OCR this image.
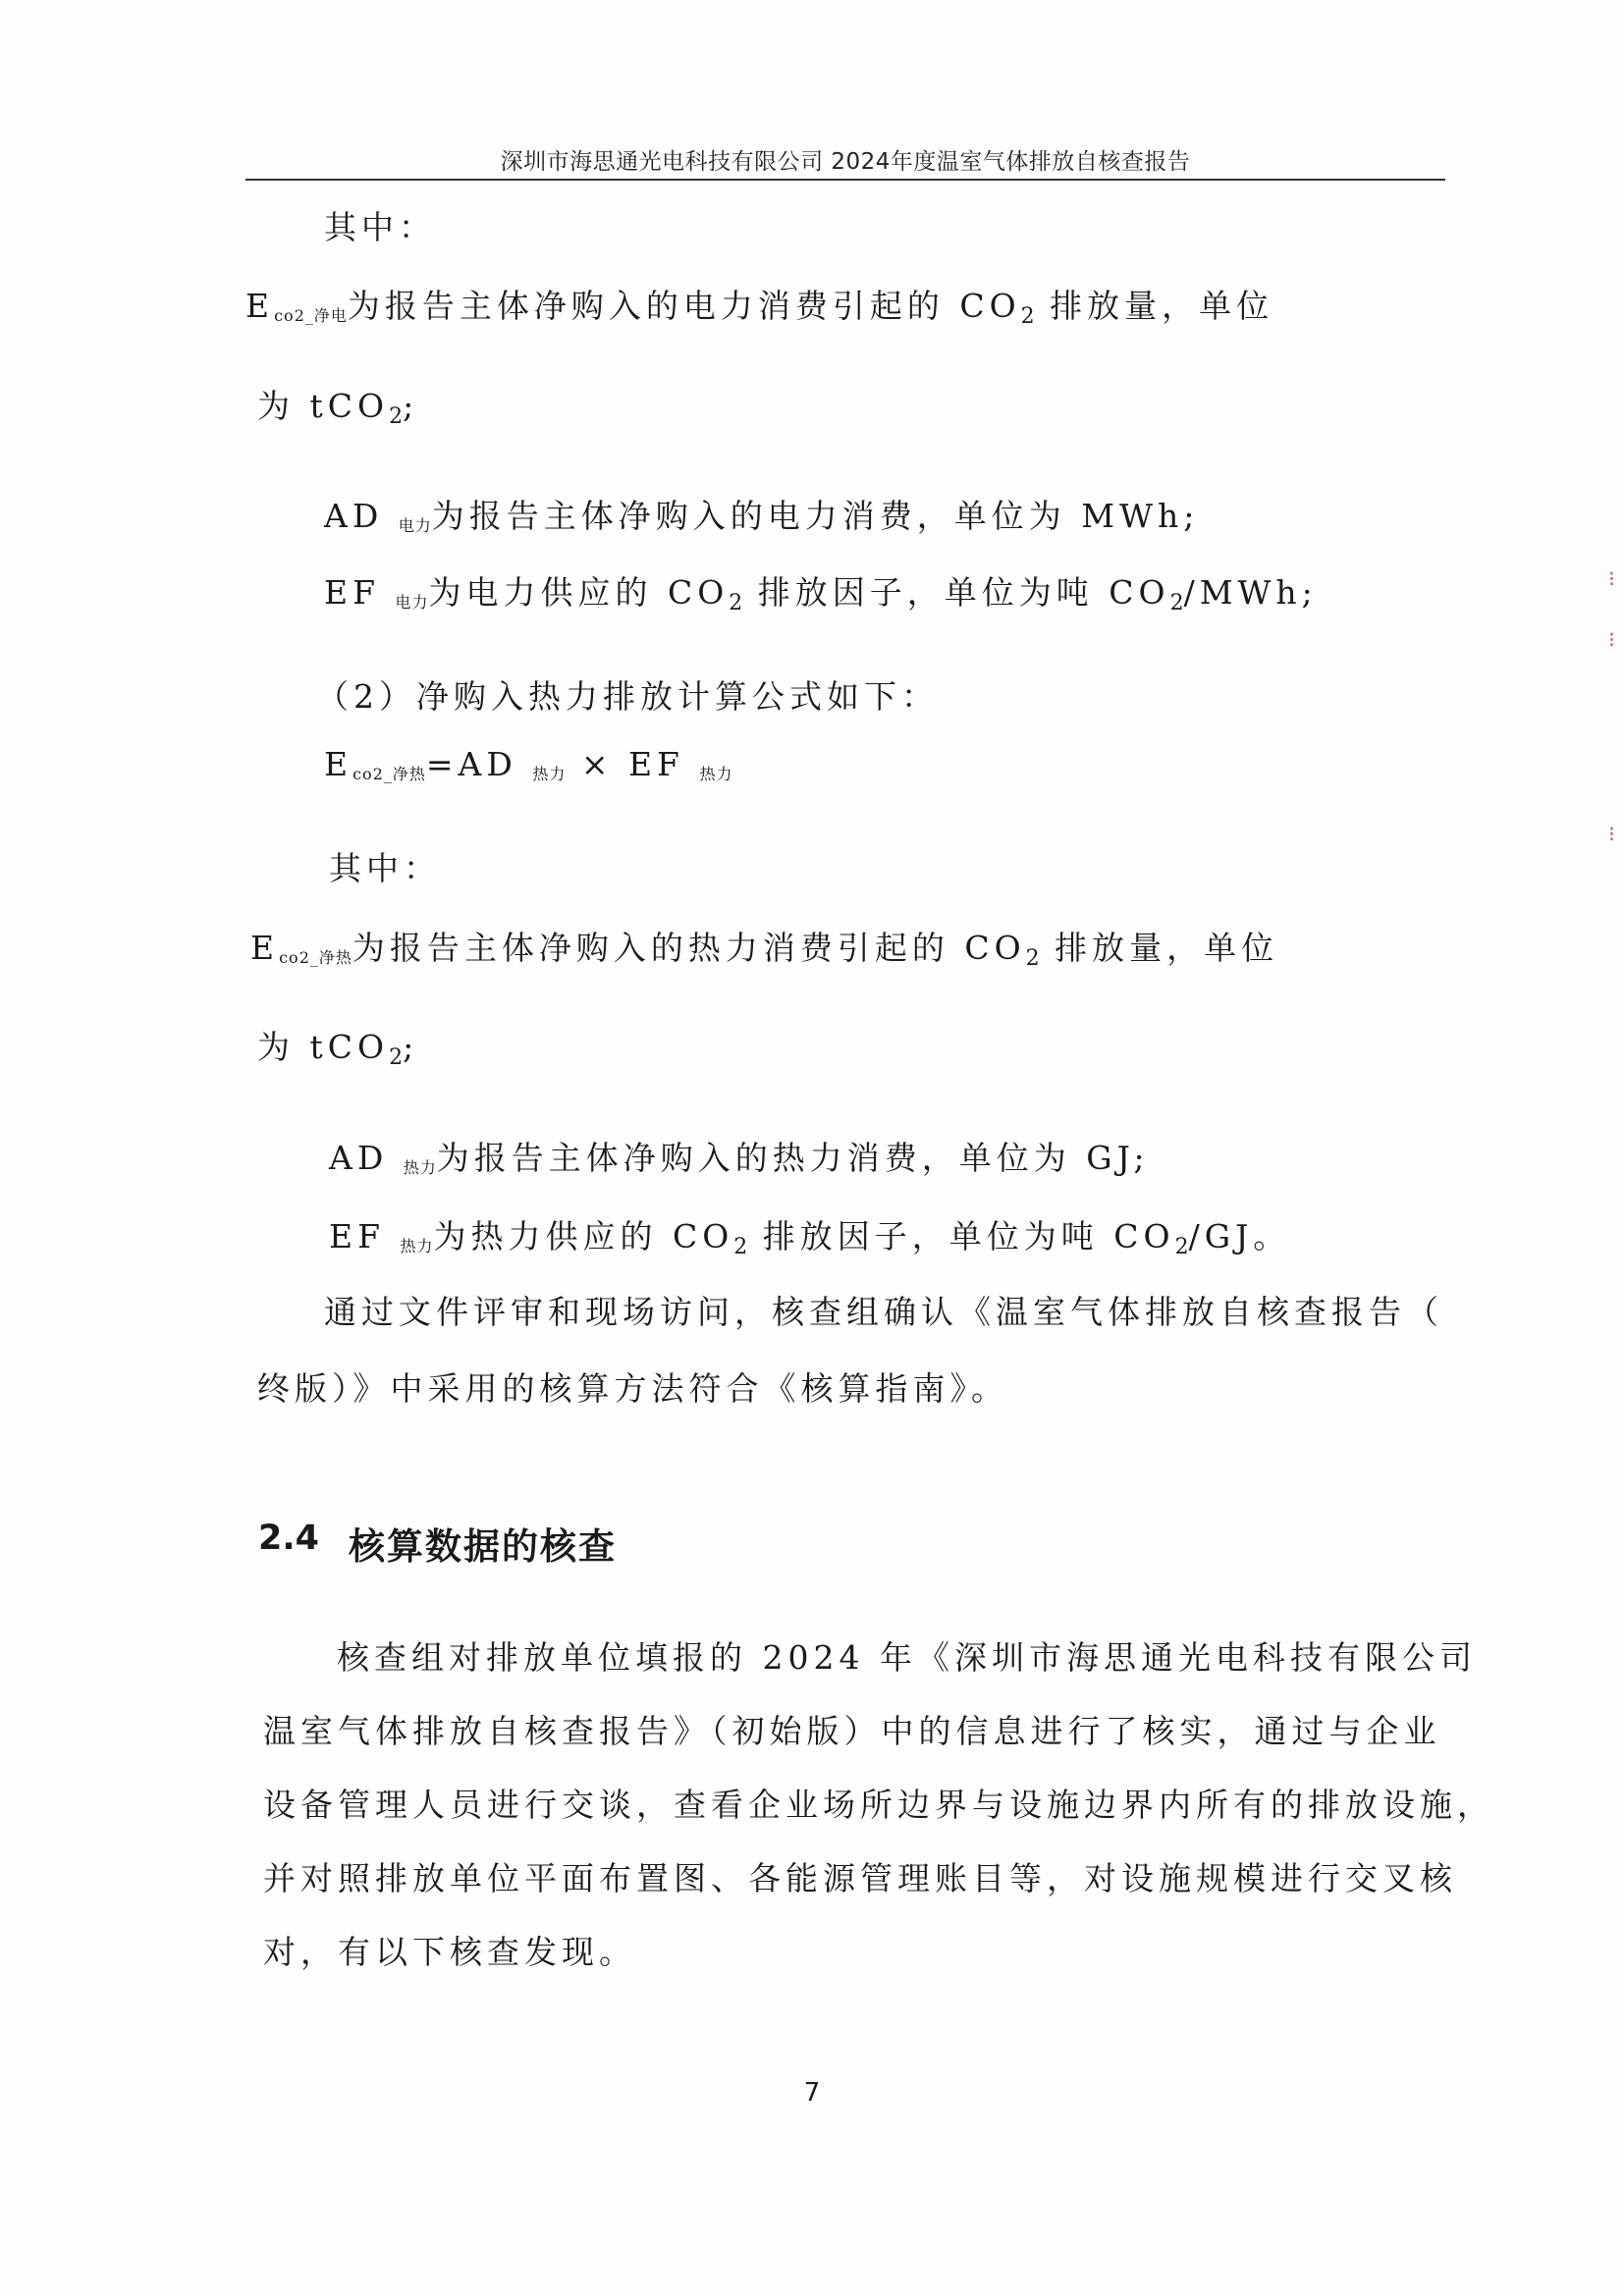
深圳市海思通光电科技有限公司 2024年度温室气体排放自核查报告
其中：
Eco2_净电为报告主体净购入的电力消费引起的 CO2 排放量，单位
为 tCO2;
AD 电力为报告主体净购入的电力消费，单位为 MWh;
EF 电力为电力供应的 CO2 排放因子，单位为吨 CO2/MWh;
（2）净购入热力排放计算公式如下：
Eco2_净热=AD 热力 × EF 热力
其中：
Eco2_净热为报告主体净购入的热力消费引起的 CO2 排放量，单位
为 tCO2;
AD 热力为报告主体净购入的热力消费，单位为 GJ;
EF 热力为热力供应的 CO2 排放因子，单位为吨 CO2/GJ。
通过文件评审和现场访问，核查组确认《温室气体排放自核查报告（
终版）》中采用的核算方法符合《核算指南》。
2.4 核算数据的核查
核查组对排放单位填报的 2024 年《深圳市海思通光电科技有限公司
温室气体排放自核查报告》（初始版）中的信息进行了核实，通过与企业
设备管理人员进行交谈，查看企业场所边界与设施边界内所有的排放设施，
并对照排放单位平面布置图、各能源管理账目等，对设施规模进行交叉核
对，有以下核查发现。
7
⁝
⁝
⁝
